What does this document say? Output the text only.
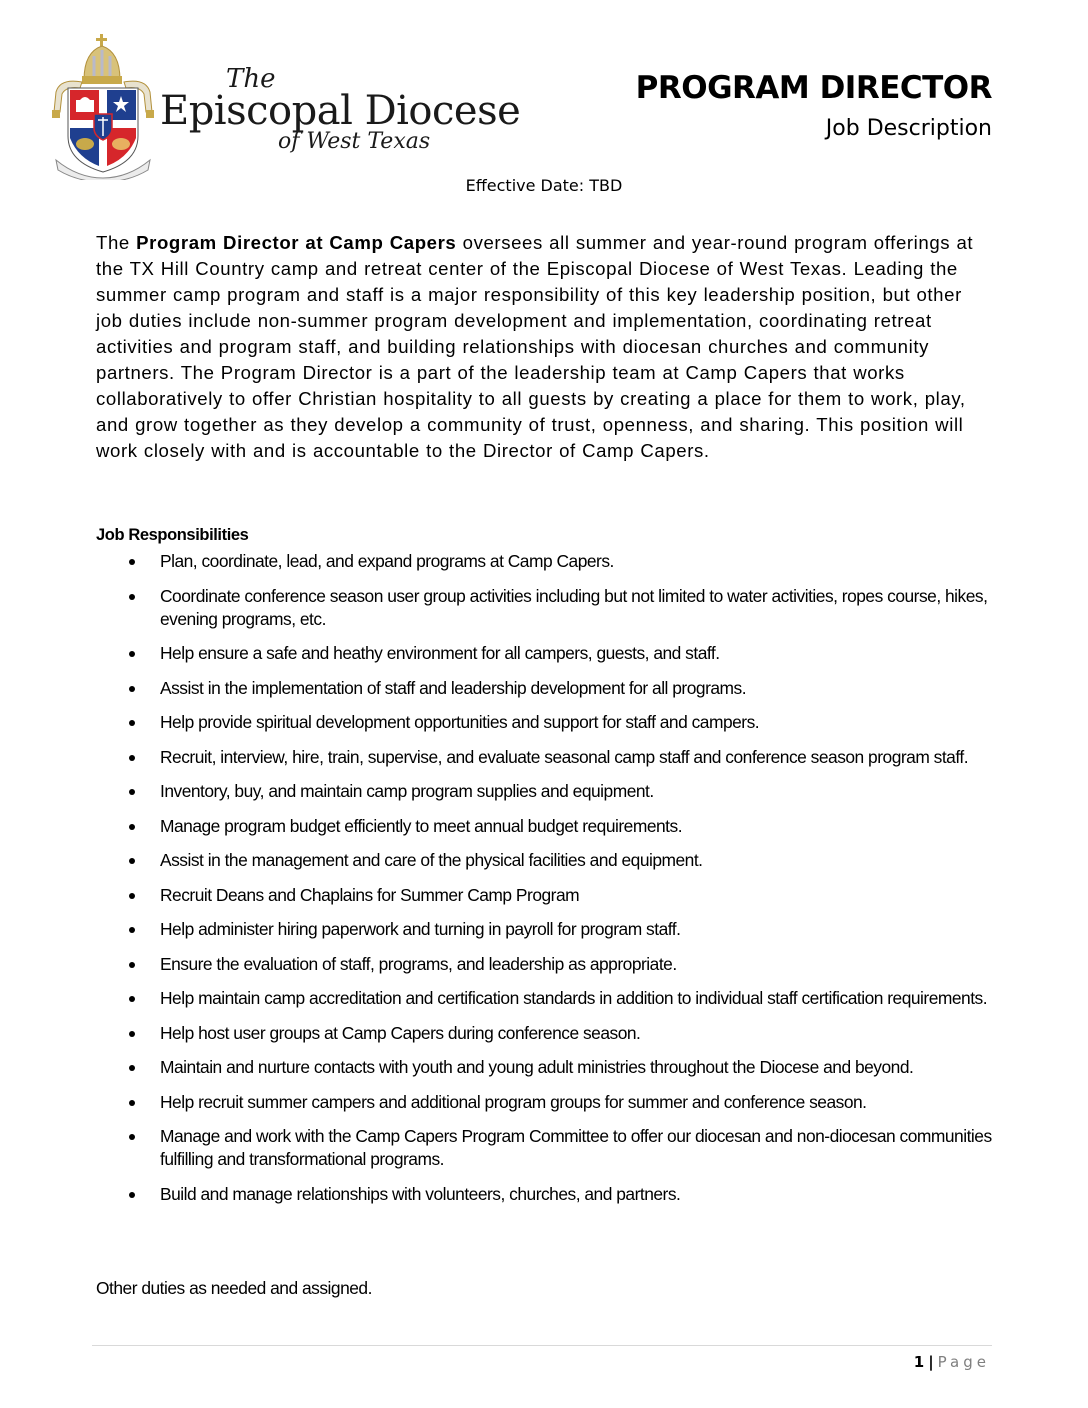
The
Episcopal Diocese
of West Texas
PROGRAM DIRECTOR
Job Description
Effective Date: TBD

The Program Director at Camp Capers oversees all summer and year-round program offerings at the TX Hill Country camp and retreat center of the Episcopal Diocese of West Texas. Leading the summer camp program and staff is a major responsibility of this key leadership position, but other job duties include non-summer program development and implementation, coordinating retreat activities and program staff, and building relationships with diocesan churches and community partners. The Program Director is a part of the leadership team at Camp Capers that works collaboratively to offer Christian hospitality to all guests by creating a place for them to work, play, and grow together as they develop a community of trust, openness, and sharing. This position will work closely with and is accountable to the Director of Camp Capers.

Job Responsibilities
Plan, coordinate, lead, and expand programs at Camp Capers.
Coordinate conference season user group activities including but not limited to water activities, ropes course, hikes, evening programs, etc.
Help ensure a safe and heathy environment for all campers, guests, and staff.
Assist in the implementation of staff and leadership development for all programs.
Help provide spiritual development opportunities and support for staff and campers.
Recruit, interview, hire, train, supervise, and evaluate seasonal camp staff and conference season program staff.
Inventory, buy, and maintain camp program supplies and equipment.
Manage program budget efficiently to meet annual budget requirements.
Assist in the management and care of the physical facilities and equipment.
Recruit Deans and Chaplains for Summer Camp Program
Help administer hiring paperwork and turning in payroll for program staff.
Ensure the evaluation of staff, programs, and leadership as appropriate.
Help maintain camp accreditation and certification standards in addition to individual staff certification requirements.
Help host user groups at Camp Capers during conference season.
Maintain and nurture contacts with youth and young adult ministries throughout the Diocese and beyond.
Help recruit summer campers and additional program groups for summer and conference season.
Manage and work with the Camp Capers Program Committee to offer our diocesan and non-diocesan communities fulfilling and transformational programs.
Build and manage relationships with volunteers, churches, and partners.

Other duties as needed and assigned.

1 | Page
